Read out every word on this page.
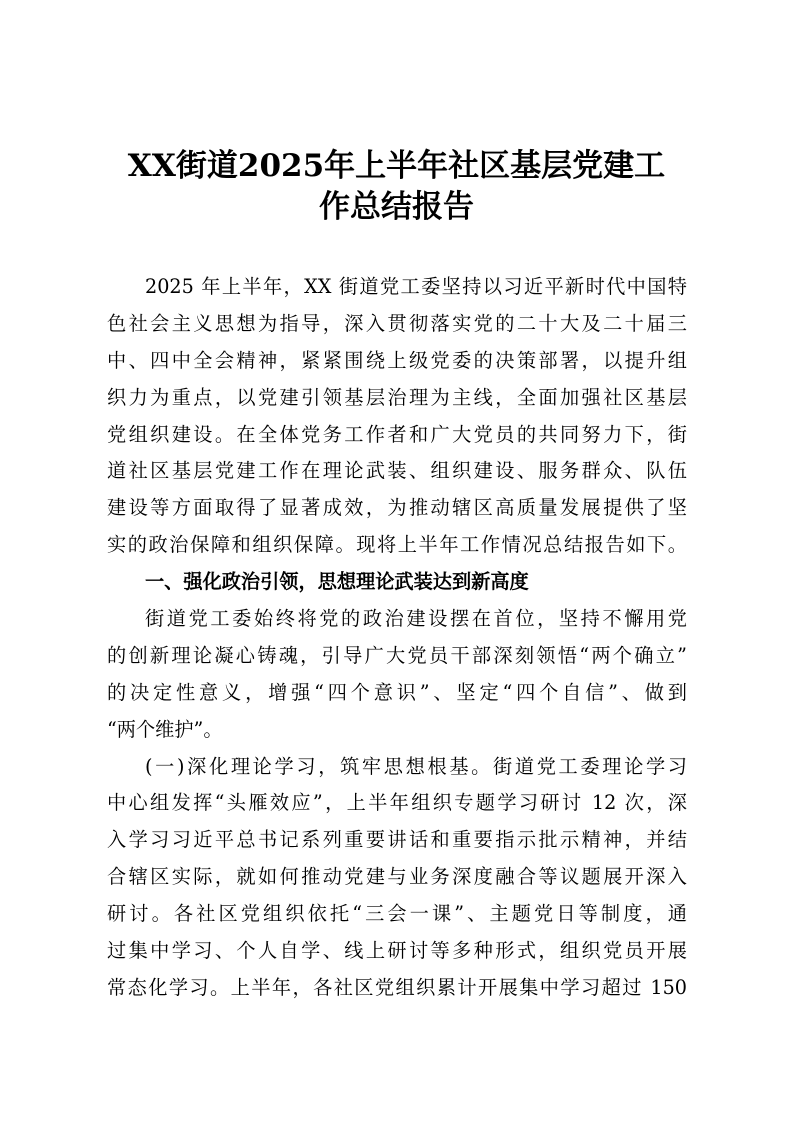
XX街道2025年上半年社区基层党建工
作总结报告
2025 年上半年，XX 街道党工委坚持以习近平新时代中国特
色社会主义思想为指导，深入贯彻落实党的二十大及二十届三
中、四中全会精神，紧紧围绕上级党委的决策部署，以提升组
织力为重点，以党建引领基层治理为主线，全面加强社区基层
党组织建设。在全体党务工作者和广大党员的共同努力下，街
道社区基层党建工作在理论武装、组织建设、服务群众、队伍
建设等方面取得了显著成效，为推动辖区高质量发展提供了坚
实的政治保障和组织保障。现将上半年工作情况总结报告如下。
一、强化政治引领，思想理论武装达到新高度
街道党工委始终将党的政治建设摆在首位，坚持不懈用党
的创新理论凝心铸魂，引导广大党员干部深刻领悟“两个确立”
的决定性意义，增强“四个意识”、坚定“四个自信”、做到
“两个维护”。
(一)深化理论学习，筑牢思想根基。街道党工委理论学习
中心组发挥“头雁效应”，上半年组织专题学习研讨 12 次，深
入学习习近平总书记系列重要讲话和重要指示批示精神，并结
合辖区实际，就如何推动党建与业务深度融合等议题展开深入
研讨。各社区党组织依托“三会一课”、主题党日等制度，通
过集中学习、个人自学、线上研讨等多种形式，组织党员开展
常态化学习。上半年，各社区党组织累计开展集中学习超过 150
